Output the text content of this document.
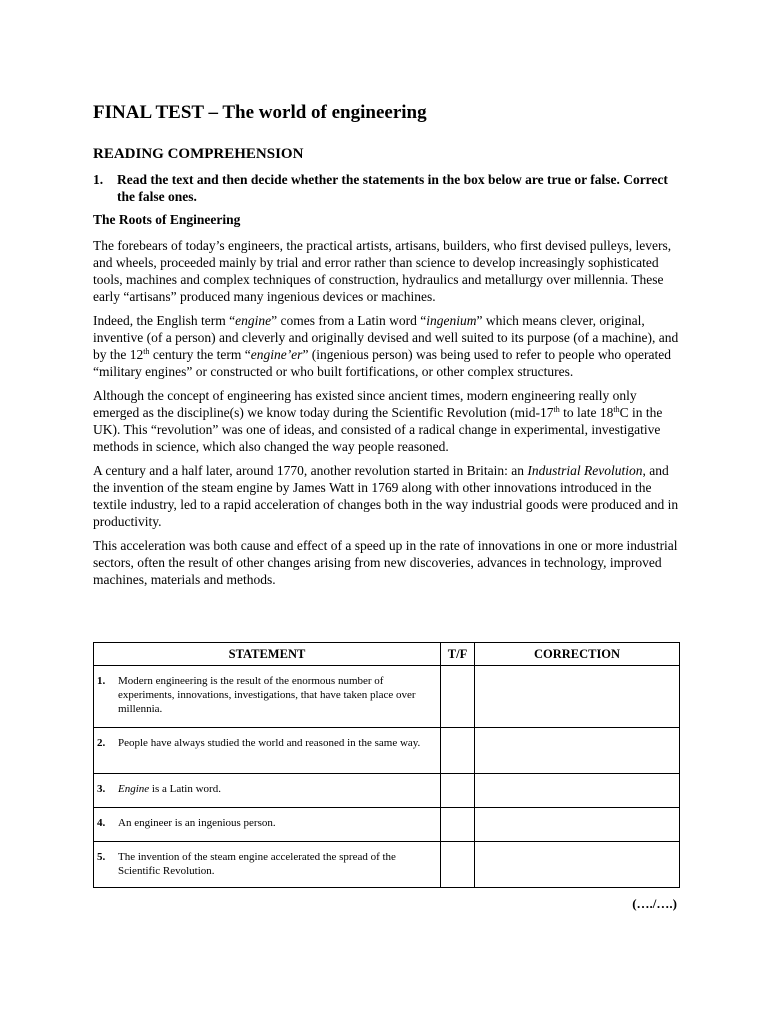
FINAL TEST – The world of engineering
READING COMPREHENSION
1.	Read the text and then decide whether the statements in the box below are true or false. Correct the false ones.
The Roots of Engineering

The forebears of today’s engineers, the practical artists, artisans, builders, who first devised pulleys, levers, and wheels, proceeded mainly by trial and error rather than science to develop increasingly sophisticated tools, machines and complex techniques of construction, hydraulics and metallurgy over millennia. These early “artisans” produced many ingenious devices or machines.

Indeed, the English term “engine” comes from a Latin word “ingenium” which means clever, original, inventive (of a person) and cleverly and originally devised and well suited to its purpose (of a machine), and by the 12th century the term “engine’er” (ingenious person) was being used to refer to people who operated “military engines” or constructed or who built fortifications, or other complex structures.

Although the concept of engineering has existed since ancient times, modern engineering really only emerged as the discipline(s) we know today during the Scientific Revolution (mid-17th to late 18thC in the UK). This “revolution” was one of ideas, and consisted of a radical change in experimental, investigative methods in science, which also changed the way people reasoned.

A century and a half later, around 1770, another revolution started in Britain: an Industrial Revolution, and the invention of the steam engine by James Watt in 1769 along with other innovations introduced in the textile industry, led to a rapid acceleration of changes both in the way industrial goods were produced and in productivity.

This acceleration was both cause and effect of a speed up in the rate of innovations in one or more industrial sectors, often the result of other changes arising from new discoveries, advances in technology, improved machines, materials and methods.

STATEMENT	T/F	CORRECTION

1. Modern engineering is the result of the enormous number of experiments, innovations, investigations, that have taken place over millennia.		

2. People have always studied the world and reasoned in the same way.		

3. Engine is a Latin word.		

4. An engineer is an ingenious person.		

5. The invention of the steam engine accelerated the spread of the Scientific Revolution.		

(…./….)
